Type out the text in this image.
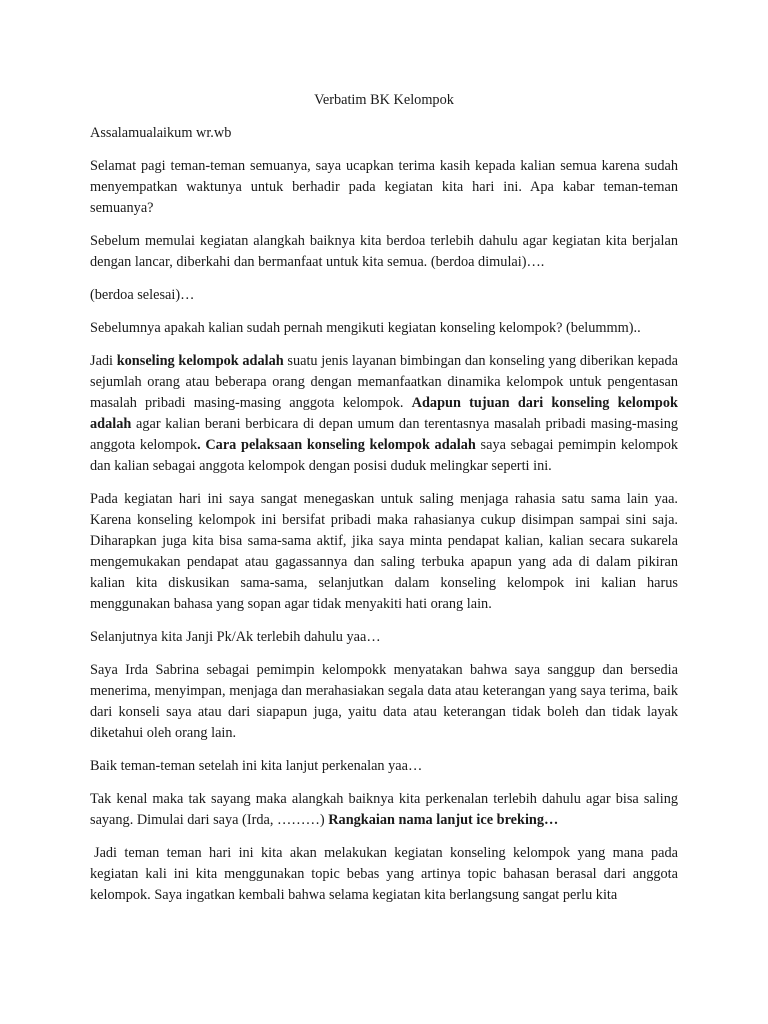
Verbatim BK Kelompok

Assalamualaikum wr.wb

Selamat pagi teman-teman semuanya, saya ucapkan terima kasih kepada kalian semua karena sudah menyempatkan waktunya untuk berhadir pada kegiatan kita hari ini. Apa kabar teman-teman semuanya?

Sebelum memulai kegiatan alangkah baiknya kita berdoa terlebih dahulu agar kegiatan kita berjalan dengan lancar, diberkahi dan bermanfaat untuk kita semua. (berdoa dimulai)….

(berdoa selesai)…

Sebelumnya apakah kalian sudah pernah mengikuti kegiatan konseling kelompok? (belummm)..

Jadi konseling kelompok adalah suatu jenis layanan bimbingan dan konseling yang diberikan kepada sejumlah orang atau beberapa orang dengan memanfaatkan dinamika kelompok untuk pengentasan masalah pribadi masing-masing anggota kelompok. Adapun tujuan dari konseling kelompok adalah agar kalian berani berbicara di depan umum dan terentasnya masalah pribadi masing-masing anggota kelompok. Cara pelaksaan konseling kelompok adalah saya sebagai pemimpin kelompok dan kalian sebagai anggota kelompok dengan posisi duduk melingkar seperti ini.

Pada kegiatan hari ini saya sangat menegaskan untuk saling menjaga rahasia satu sama lain yaa. Karena konseling kelompok ini bersifat pribadi maka rahasianya cukup disimpan sampai sini saja. Diharapkan juga kita bisa sama-sama aktif, jika saya minta pendapat kalian, kalian secara sukarela mengemukakan pendapat atau gagassannya dan saling terbuka apapun yang ada di dalam pikiran kalian kita diskusikan sama-sama, selanjutkan dalam konseling kelompok ini kalian harus menggunakan bahasa yang sopan agar tidak menyakiti hati orang lain.

Selanjutnya kita Janji Pk/Ak terlebih dahulu yaa…

Saya Irda Sabrina sebagai pemimpin kelompokk menyatakan bahwa saya sanggup dan bersedia menerima, menyimpan, menjaga dan merahasiakan segala data atau keterangan yang saya terima, baik dari konseli saya atau dari siapapun juga, yaitu data atau keterangan tidak boleh dan tidak layak diketahui oleh orang lain.

Baik teman-teman setelah ini kita lanjut perkenalan yaa…

Tak kenal maka tak sayang maka alangkah baiknya kita perkenalan terlebih dahulu agar bisa saling sayang. Dimulai dari saya (Irda, ………) Rangkaian nama lanjut ice breking…

Jadi teman teman hari ini kita akan melakukan kegiatan konseling kelompok yang mana pada kegiatan kali ini kita menggunakan topic bebas yang artinya topic bahasan berasal dari anggota kelompok. Saya ingatkan kembali bahwa selama kegiatan kita berlangsung sangat perlu kita
